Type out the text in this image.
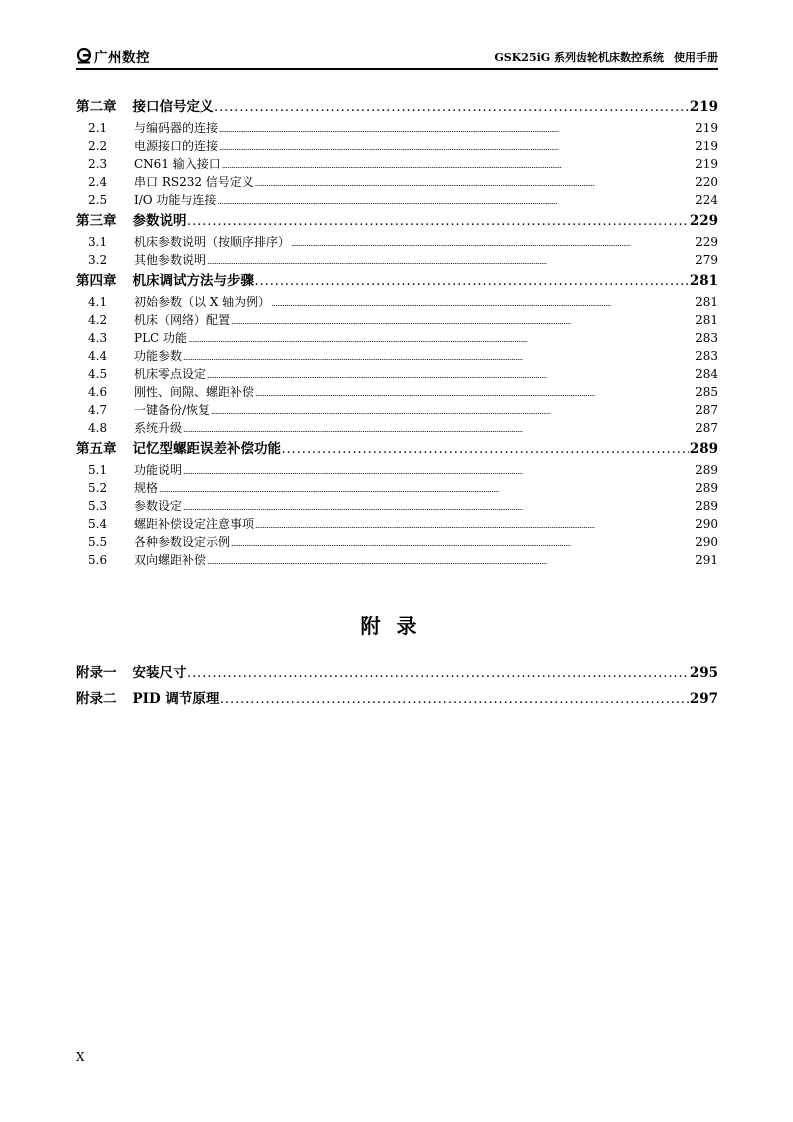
广州数控	GSK25iG 系列齿轮机床数控系统 使用手册
第二章 接口信号定义 . . .	219
2.1	与编码器的连接 . . .	219
2.2	电源接口的连接 . . .	219
2.3	CN61 输入接口 . . .	219
2.4	串口 RS232 信号定义 . . .	220
2.5	I/O 功能与连接 . . .	224
第三章 参数说明 . . .	229
3.1	机床参数说明（按顺序排序） . . .	229
3.2	其他参数说明 . . .	279
第四章 机床调试方法与步骤 . . .	281
4.1	初始参数（以 X 轴为例） . . .	281
4.2	机床（网络）配置 . . .	281
4.3	PLC 功能 . . .	283
4.4	功能参数 . . .	283
4.5	机床零点设定 . . .	284
4.6	刚性、间隙、螺距补偿 . . .	285
4.7	一键备份/恢复 . . .	287
4.8	系统升级 . . .	287
第五章 记忆型螺距误差补偿功能 . . .	289
5.1	功能说明 . . .	289
5.2	规格 . . .	289
5.3	参数设定 . . .	289
5.4	螺距补偿设定注意事项 . . .	290
5.5	各种参数设定示例 . . .	290
5.6	双向螺距补偿 . . .	291
附录
附录一 安装尺寸 . . .	295
附录二 PID 调节原理 . . .	297
X
